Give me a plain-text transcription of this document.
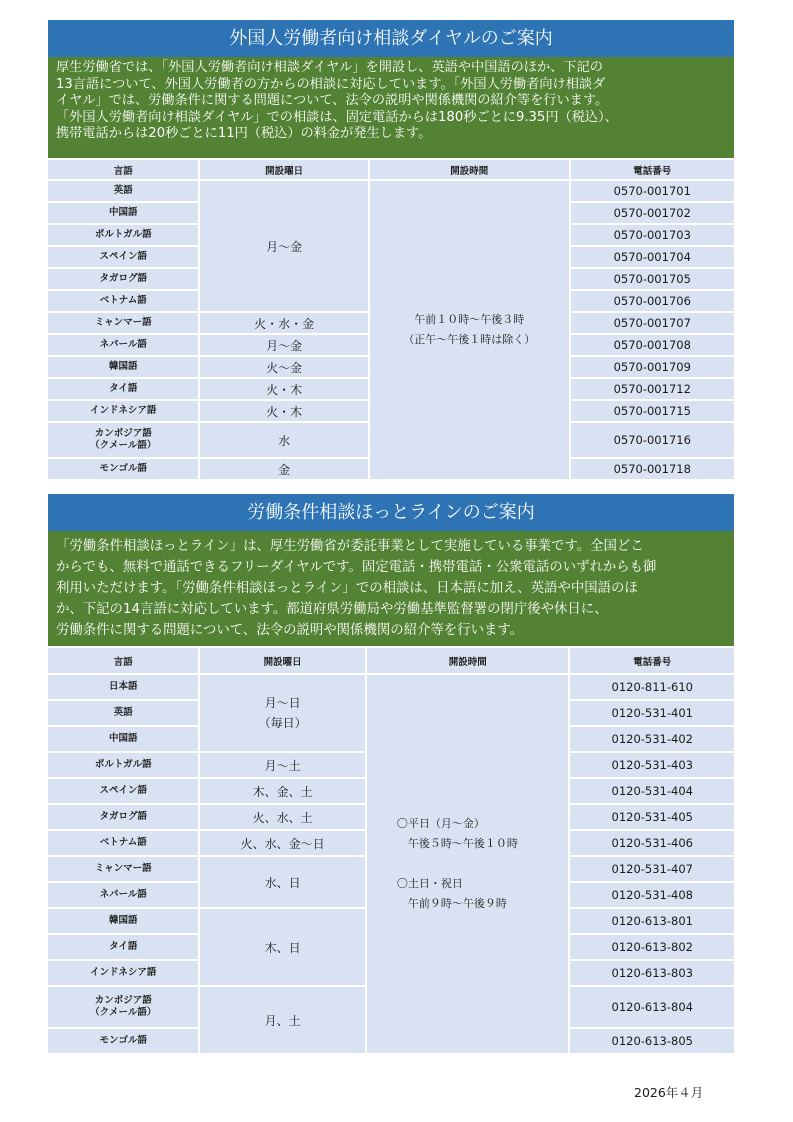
外国人労働者向け相談ダイヤルのご案内
厚生労働省では、「外国人労働者向け相談ダイヤル」を開設し、英語や中国語のほか、下記の
13言語について、外国人労働者の方からの相談に対応しています。「外国人労働者向け相談ダ
イヤル」では、労働条件に関する問題について、法令の説明や関係機関の紹介等を行います。
「外国人労働者向け相談ダイヤル」での相談は、固定電話からは180秒ごとに9.35円（税込）、
携帯電話からは20秒ごとに11円（税込）の料金が発生します。
言語	開設曜日	開設時間	電話番号
英語	月～金	午前１０時～午後３時
（正午～午後１時は除く）	0570-001701
中国語			0570-001702
ポルトガル語			0570-001703
スペイン語			0570-001704
タガログ語			0570-001705
ベトナム語			0570-001706
ミャンマー語	火・水・金		0570-001707
ネパール語	月～金		0570-001708
韓国語	火～金		0570-001709
タイ語	火・木		0570-001712
インドネシア語	火・木		0570-001715
カンボジア語
（クメール語）	水		0570-001716
モンゴル語	金		0570-001718
労働条件相談ほっとラインのご案内
「労働条件相談ほっとライン」は、厚生労働省が委託事業として実施している事業です。全国どこ
からでも、無料で通話できるフリーダイヤルです。固定電話・携帯電話・公衆電話のいずれからも御
利用いただけます。「労働条件相談ほっとライン」での相談は、日本語に加え、英語や中国語のほ
か、下記の14言語に対応しています。都道府県労働局や労働基準監督署の閉庁後や休日に、
労働条件に関する問題について、法令の説明や関係機関の紹介等を行います。
言語	開設曜日	開設時間	電話番号
日本語	月～日
（毎日）	〇平日（月～金）
　午後５時～午後１０時
〇土日・祝日
　午前９時～午後９時	0120-811-610
英語			0120-531-401
中国語			0120-531-402
ポルトガル語	月～土		0120-531-403
スペイン語	木、金、土		0120-531-404
タガログ語	火、水、土		0120-531-405
ベトナム語	火、水、金～日		0120-531-406
ミャンマー語	水、日		0120-531-407
ネパール語			0120-531-408
韓国語	木、日		0120-613-801
タイ語			0120-613-802
インドネシア語			0120-613-803
カンボジア語
（クメール語）	月、土		0120-613-804
モンゴル語			0120-613-805
2026年４月
